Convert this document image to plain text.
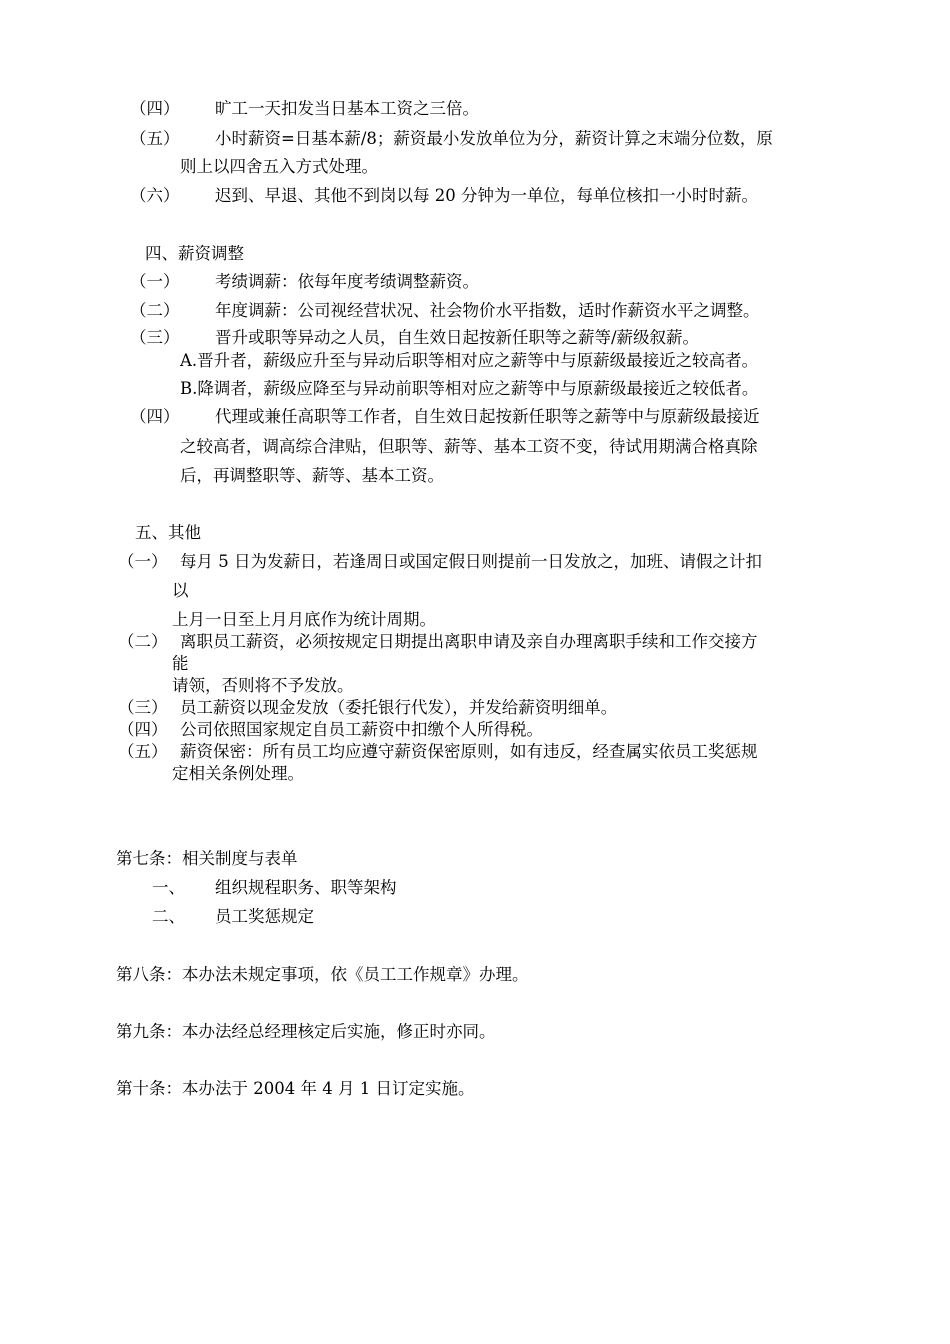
（四） 旷工一天扣发当日基本工资之三倍。
（五） 小时薪资=日基本薪/8；薪资最小发放单位为分，薪资计算之末端分位数，原
则上以四舍五入方式处理。
（六） 迟到、早退、其他不到岗以每 20 分钟为一单位，每单位核扣一小时时薪。
四、薪资调整
（一） 考绩调薪：依每年度考绩调整薪资。
（二） 年度调薪：公司视经营状况、社会物价水平指数，适时作薪资水平之调整。
（三） 晋升或职等异动之人员，自生效日起按新任职等之薪等/薪级叙薪。
A.晋升者，薪级应升至与异动后职等相对应之薪等中与原薪级最接近之较高者。
B.降调者，薪级应降至与异动前职等相对应之薪等中与原薪级最接近之较低者。
（四） 代理或兼任高职等工作者，自生效日起按新任职等之薪等中与原薪级最接近
之较高者，调高综合津贴，但职等、薪等、基本工资不变，待试用期满合格真除
后，再调整职等、薪等、基本工资。
五、其他
（一） 每月 5 日为发薪日，若逢周日或国定假日则提前一日发放之，加班、请假之计扣
以
上月一日至上月月底作为统计周期。
（二） 离职员工薪资，必须按规定日期提出离职申请及亲自办理离职手续和工作交接方
能
请领，否则将不予发放。
（三） 员工薪资以现金发放（委托银行代发），并发给薪资明细单。
（四） 公司依照国家规定自员工薪资中扣缴个人所得税。
（五） 薪资保密：所有员工均应遵守薪资保密原则，如有违反，经查属实依员工奖惩规
定相关条例处理。
第七条：相关制度与表单
一、 组织规程职务、职等架构
二、 员工奖惩规定
第八条：本办法未规定事项，依《员工工作规章》办理。
第九条：本办法经总经理核定后实施，修正时亦同。
第十条：本办法于 2004 年 4 月 1 日订定实施。
